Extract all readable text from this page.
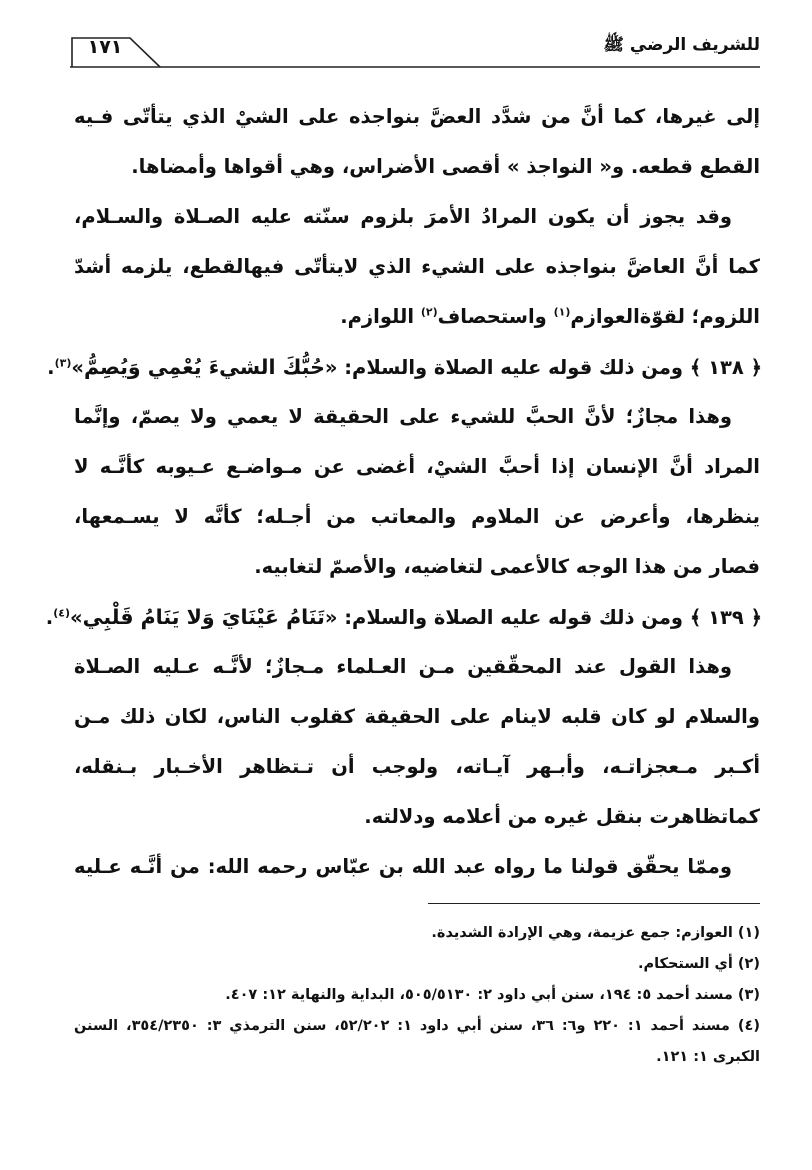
١٧١	للشريف الرضي ﷺ
إلى غيرها، كما أنَّ من شدَّد العضَّ بنواجذه على الشيْ الذي يتأتّى فـيه
القطع قطعه. و« النواجذ » أقصى الأضراس، وهي أقواها وأمضاها.
وقد يجوز أن يكون المرادُ الأمرَ بلزوم سنّته عليه الصـلاة والسـلام،
كما أنَّ العاضَّ بنواجذه على الشيء الذي لايتأتّى فيهالقطع، يلزمه أشدّ
اللزوم؛ لقوّةالعوازم$^{(١)}$ واستحصاف$^{(٢)}$ اللوازم.
﴿ ١٣٨ ﴾ ومن ذلك قوله عليه الصلاة والسلام: «حُبُّكَ الشيءَ يُعْمِي وَيُصِمُّ»$^{(٣)}$.
وهذا مجازٌ؛ لأنَّ الحبَّ للشيء على الحقيقة لا يعمي ولا يصمّ، وإنَّما
المراد أنَّ الإنسان إذا أحبَّ الشيْ، أغضى عن مـواضـع عـيوبه كأنَّـه لا
ينظرها، وأعرض عن الملاوم والمعاتب من أجـله؛ كأنَّه لا يسـمعها،
فصار من هذا الوجه كالأعمى لتغاضيه، والأصمّ لتغابيه.
﴿ ١٣٩ ﴾ ومن ذلك قوله عليه الصلاة والسلام: «تَنَامُ عَيْنَايَ وَلا يَنَامُ قَلْبِي»$^{(٤)}$.
وهذا القول عند المحقّقين مـن العـلماء مـجازٌ؛ لأنَّـه عـليه الصـلاة
والسلام لو كان قلبه لاينام على الحقيقة كقلوب الناس، لكان ذلك مـن
أكـبر مـعجزاتـه، وأبـهر آيـاته، ولوجب أن تـتظاهر الأخـبار بـنقله،
كماتظاهرت بنقل غيره من أعلامه ودلالته.
وممّا يحقّق قولنا ما رواه عبد الله بن عبّاس رحمه الله: من أنَّـه عـليه
(١) العوازم: جمع عزيمة، وهي الإرادة الشديدة.
(٢) أي الستحكام.
(٣) مسند أحمد ٥: ١٩٤، سنن أبي داود ٢: ٥٠٥/٥١٣٠، البداية والنهاية ١٢: ٤٠٧.
(٤) مسند أحمد ١: ٢٢٠ و٦: ٣٦، سنن أبي داود ١: ٥٢/٢٠٢، سنن الترمذي ٣: ٣٥٤/٢٣٥٠، السنن الكبرى ١: ١٢١.
